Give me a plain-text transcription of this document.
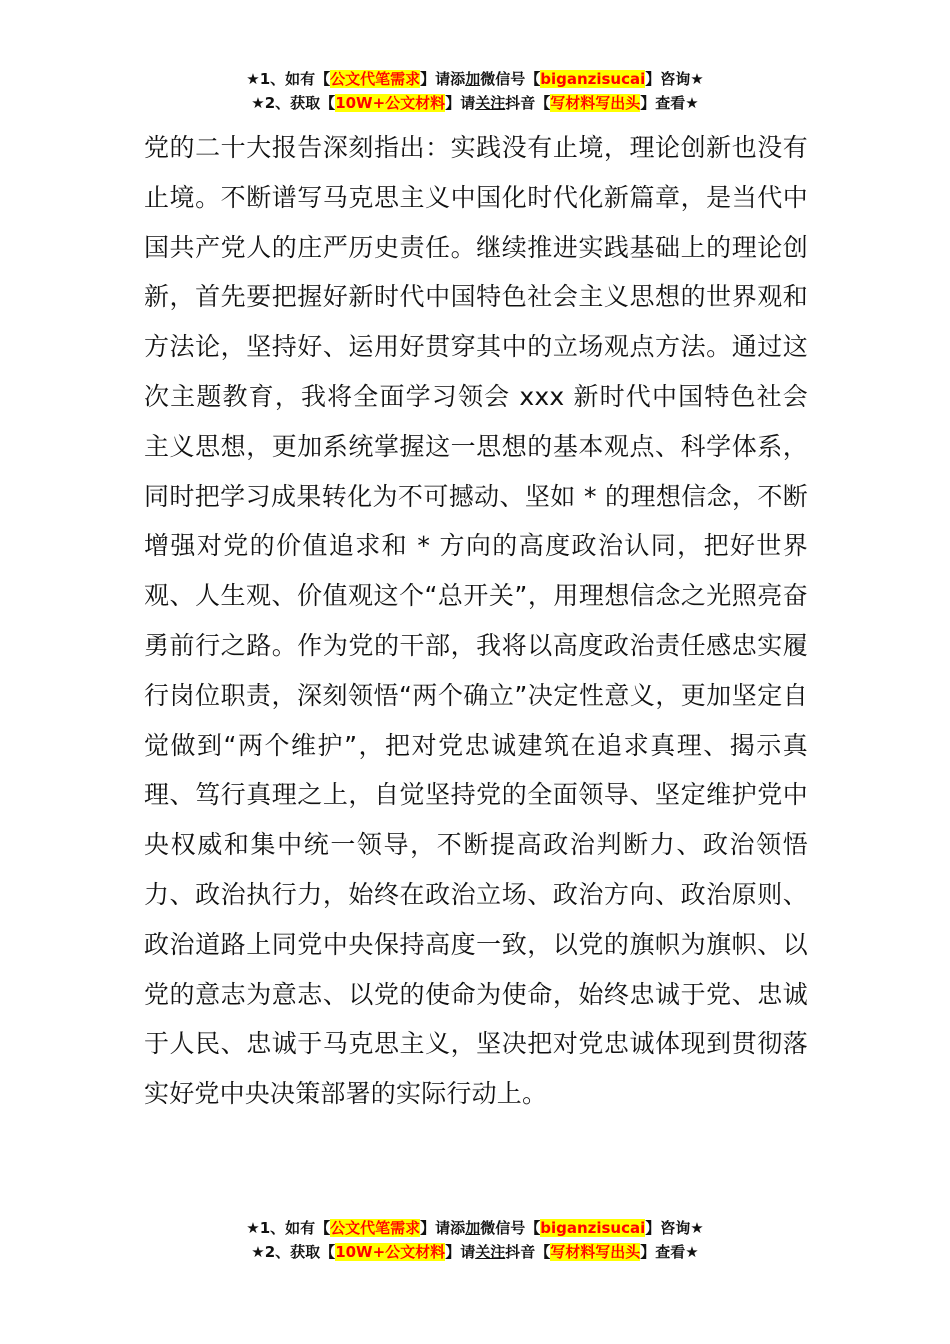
★1、如有【公文代笔需求】请添加微信号【biganzisucai】咨询★
★2、获取【10W+公文材料】请关注抖音【写材料写出头】查看★

党的二十大报告深刻指出：实践没有止境，理论创新也没有止境。不断谱写马克思主义中国化时代化新篇章，是当代中国共产党人的庄严历史责任。继续推进实践基础上的理论创新，首先要把握好新时代中国特色社会主义思想的世界观和方法论，坚持好、运用好贯穿其中的立场观点方法。通过这次主题教育，我将全面学习领会 xxx 新时代中国特色社会主义思想，更加系统掌握这一思想的基本观点、科学体系，同时把学习成果转化为不可撼动、坚如 * 的理想信念，不断增强对党的价值追求和 * 方向的高度政治认同，把好世界观、人生观、价值观这个“总开关”，用理想信念之光照亮奋勇前行之路。作为党的干部，我将以高度政治责任感忠实履行岗位职责，深刻领悟“两个确立”决定性意义，更加坚定自觉做到“两个维护”，把对党忠诚建筑在追求真理、揭示真理、笃行真理之上，自觉坚持党的全面领导、坚定维护党中央权威和集中统一领导，不断提高政治判断力、政治领悟力、政治执行力，始终在政治立场、政治方向、政治原则、政治道路上同党中央保持高度一致，以党的旗帜为旗帜、以党的意志为意志、以党的使命为使命，始终忠诚于党、忠诚于人民、忠诚于马克思主义，坚决把对党忠诚体现到贯彻落实好党中央决策部署的实际行动上。

★1、如有【公文代笔需求】请添加微信号【biganzisucai】咨询★
★2、获取【10W+公文材料】请关注抖音【写材料写出头】查看★
